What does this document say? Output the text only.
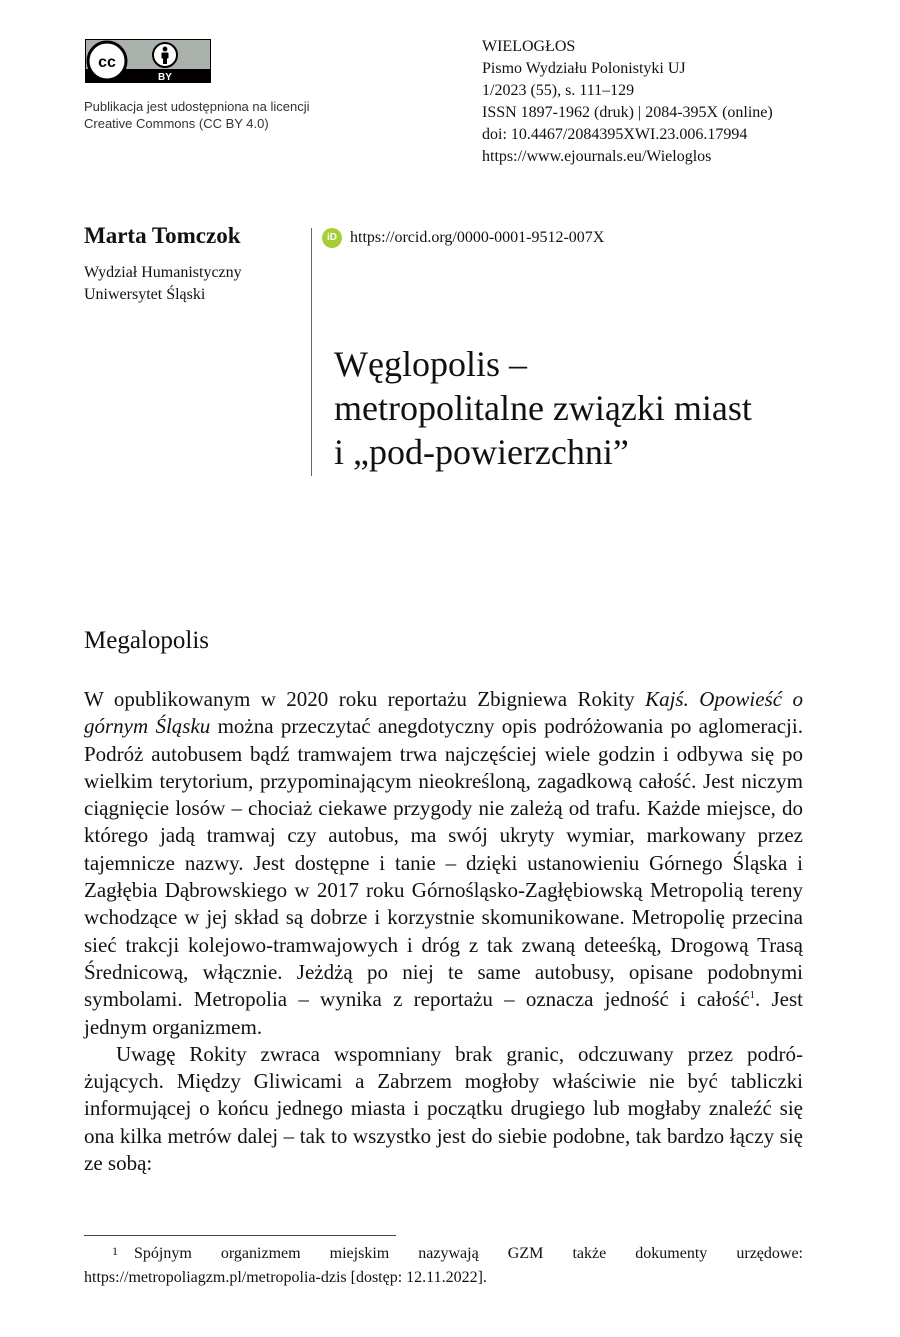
cc
BY
Publikacja jest udostępniona na licencji
Creative Commons (CC BY 4.0)
WIELOGŁOS
Pismo Wydziału Polonistyki UJ
1/2023 (55), s. 111–129
ISSN 1897-1962 (druk) | 2084-395X (online)
doi: 10.4467/2084395XWI.23.006.17994
https://www.ejournals.eu/Wieloglos
Marta Tomczok
Wydział Humanistyczny
Uniwersytet Śląski
iD https://orcid.org/0000-0001-9512-007X
Węglopolis –
metropolitalne związki miast
i „pod-powierzchni”
Megalopolis

W opublikowanym w 2020 roku reportażu Zbigniewa Rokity Kajś. Opowieść o górnym Śląsku można przeczytać anegdotyczny opis podróżowania po aglomeracji. Podróż autobusem bądź tramwajem trwa najczęściej wiele godzin i odbywa się po wielkim terytorium, przypominającym nieokreśloną, zagadkową całość. Jest niczym ciągnięcie losów – chociaż ciekawe przygody nie zależą od trafu. Każde miejsce, do którego jadą tramwaj czy autobus, ma swój ukryty wymiar, markowany przez tajemnicze nazwy. Jest dostępne i tanie – dzięki ustanowieniu Górnego Śląska i Zagłębia Dąbrowskiego w 2017 roku Górnośląsko-Zagłębiowską Metropolią tereny wchodzące w jej skład są dobrze i korzystnie skomunikowane. Metropolię przecina sieć trakcji kolejowo-tramwajowych i dróg z tak zwaną deteeśką, Drogową Trasą Średnicową, włącznie. Jeżdżą po niej te same autobusy, opisane podobnymi symbolami. Metropolia – wynika z reportażu – oznacza jedność i całość$^1$. Jest jednym organizmem.

Uwagę Rokity zwraca wspomniany brak granic, odczuwany przez podróżujących. Między Gliwicami a Zabrzem mogłoby właściwie nie być tabliczki informującej o końcu jednego miasta i początku drugiego lub mogłaby znaleźć się ona kilka metrów dalej – tak to wszystko jest do siebie podobne, tak bardzo łączy się ze sobą:

1 Spójnym organizmem miejskim nazywają GZM także dokumenty urzędowe: https://metropoliagzm.pl/metropolia-dzis [dostęp: 12.11.2022].
